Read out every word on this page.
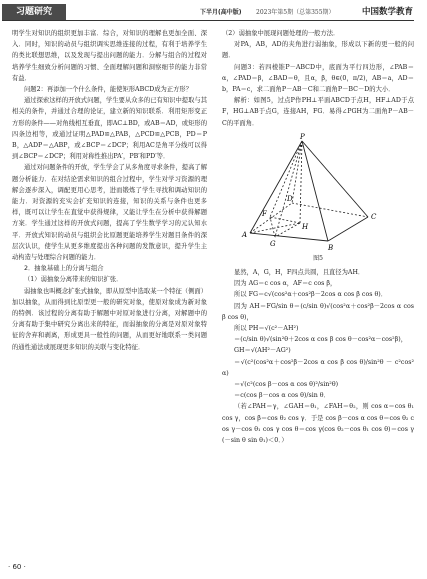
习题研究	下半月(高中版) 2023年第5期（总第355期）	中国数学教育

明学生对知识的组织更加丰富．综合，对知识的理解也更加全面、深入．同时，知识的动员与组织调实思维连接的过程，有利于培养学生的类比联想思维，以及发现与提出问题的能力．分解与组合的过程对培养学生细致分析问题的习惯、全面理解问题和洞察细节的能力非常有益．

问题2：再添加一个什么条件，能使矩形ABCD成为正方形？

通过探索这样的开放式问题，学生要从众多的已有知识中提取与其相关的条件，并通过合理的论证，建立新的知识联系．利用矩形变正方形的条件——对角线相互垂直，即AC⊥BD，或AB＝AD，或矩形的四条边相等，或通过证明△PAD≌△PAB，△PCD≌△PCB，PD＝PB，△ADP＝△ABP，或∠BCP＝∠DCP；利用AC是角平分线可以得到∠BCP＝∠DCP；利用对称性推出PA′，PB′和PD′等．

通过对问题条件的开放，学生学会了从多角度寻求条件，提高了解题分析能力．在对结论需求知识的组合过程中，学生对学习资源的理解会逐步深入，调配更用心思考，进而锻炼了学生寻找和调动知识的能力．对资源的充实会扩充知识的连接，知识的关系与条件也更多样，既可以让学生在直觉中获得规律，又能让学生在分析中获得解题方案．学生通过这样的开放式问题，提高了学生数学学习的元认知水平．开放式知识的动员与组织会比原题更能培养学生对题目条件的深层次认识，使学生从更多维度提出各种问题的发散意识，提升学生主动构造与处理综合问题的能力．

2．抽象基础上的分离与组合

（1）弱抽象分离带来的知识扩张．

弱抽象也叫概念扩张式抽象，即从原型中选取某一个特征（侧面）加以抽象，从而得到比原型更一般的研究对象，使原对象成为新对象的特例．该过程的分离有助于解题中对原对象进行分离，对解题中的分离有助于集中研究分离出来的特征，而弱抽象的分离是对原对象特征的舍弃和剥离，形成更具一般性的问题，从而更好地联系一类问题的通性通法或展现更多知识的关联与变化特征．

（2）弱抽象中展现问题处理的一般方法．

对PA，AB，AD的夹角进行弱抽象，形成以下新的更一般的问题．

问题3：若四棱锥P－ABCD中，底面为平行四边形，∠PAB＝α，∠PAD＝β，∠BAD＝θ，且α，β，θ∈(0，π/2)，AB＝a，AD＝b，PA＝c，求二面角P－AB－C和二面角P－BC－D的大小．

解析：如图5，过点P作PH⊥平面ABCD于点H，HF⊥AD于点F，HG⊥AB于点G，连接AH，FG．易得∠PGH为二面角P－AB－C的平面角．

P
A
B
C
D
H
F
G
图5

显然，A，G，H，F四点共圆，且直径为AH．

因为 AG＝c cos α，AF＝c cos β，

所以 FG＝c√(cos²α＋cos²β－2cos α cos β cos θ)．

因为 AH＝FG/sin θ＝(c/sin θ)√(cos²α＋cos²β－2cos α cos β cos θ)，

所以 PH＝√(c²－AH²)

＝(c/sin θ)√(sin²θ＋2cos α cos β cos θ－cos²α－cos²β)，

GH＝√(AH²－AG²)

＝√(c²(cos²α＋cos²β－2cos α cos β cos θ)/sin²θ － c²cos²α)

＝√(c²(cos β－cos α cos θ)²/sin²θ)

＝c(cos β－cos α cos θ)/sin θ．

（若∠PAH＝γ，∠GAH＝θ₁，∠FAH＝θ₂，则 cos α＝cos θ₁ cos γ，cos β＝cos θ₂ cos γ．于是 cos β－cos α cos θ＝cos θ₂ cos γ－cos θ₁ cos γ cos θ＝cos γ(cos θ₂－cos θ₁ cos θ)＝cos γ(－sin θ sin θ₁)＜0．）

· 60 ·
